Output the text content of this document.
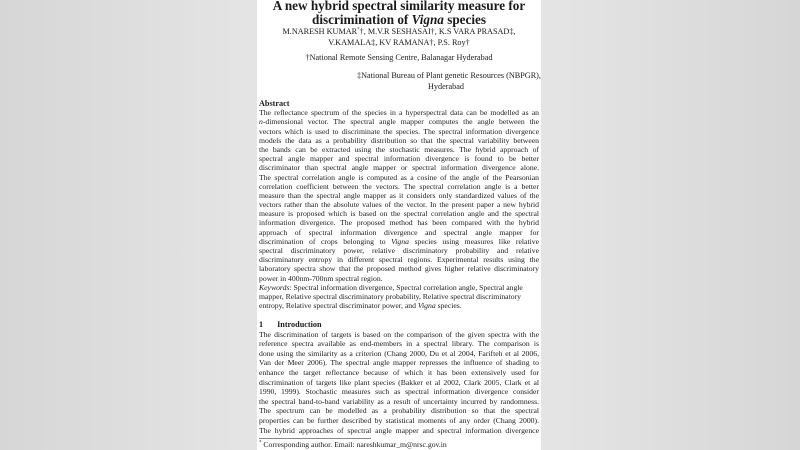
A new hybrid spectral similarity measure for
discrimination of Vigna species
M.NARESH KUMAR*†, M.V.R SESHASAI†, K.S VARA PRASAD‡,
V.KAMALA‡, KV RAMANA†, P.S. Roy†
†National Remote Sensing Centre, Balanagar Hyderabad
‡National Bureau of Plant genetic Resources (NBPGR),
Hyderabad
Abstract
The reflectance spectrum of the species in a hyperspectral data can be modelled as an
n-dimensional vector. The spectral angle mapper computes the angle between the
vectors which is used to discriminate the species. The spectral information divergence
models the data as a probability distribution so that the spectral variability between
the bands can be extracted using the stochastic measures. The hybrid approach of
spectral angle mapper and spectral information divergence is found to be better
discriminator than spectral angle mapper or spectral information divergence alone.
The spectral correlation angle is computed as a cosine of the angle of the Pearsonian
correlation coefficient between the vectors. The spectral correlation angle is a better
measure than the spectral angle mapper as it considers only standardized values of the
vectors rather than the absolute values of the vector. In the present paper a new hybrid
measure is proposed which is based on the spectral correlation angle and the spectral
information divergence. The proposed method has been compared with the hybrid
approach of spectral information divergence and spectral angle mapper for
discrimination of crops belonging to Vigna species using measures like relative
spectral discriminatory power, relative discriminatory probability and relative
discriminatory entropy in different spectral regions. Experimental results using the
laboratory spectra show that the proposed method gives higher relative discriminatory
power in 400nm-700nm spectral region.
Keywords: Spectral information divergence, Spectral correlation angle, Spectral angle
mapper, Relative spectral discriminatory probability, Relative spectral discriminatory
entropy, Relative spectral discriminator power, and Vigna species.
1 Introduction
The discrimination of targets is based on the comparison of the given spectra with the
reference spectra available as end-members in a spectral library. The comparison is
done using the similarity as a criterion (Chang 2000, Du et al 2004, Farifteh et al 2006,
Van der Meer 2006). The spectral angle mapper represses the influence of shading to
enhance the target reflectance because of which it has been extensively used for
discrimination of targets like plant species (Bakker et al 2002, Clark 2005, Clark et al
1990, 1999). Stochastic measures such as spectral information divergence consider
the spectral band-to-band variability as a result of uncertainty incurred by randomness.
The spectrum can be modelled as a probability distribution so that the spectral
properties can be further described by statistical moments of any order (Chang 2000).
The hybrid approaches of spectral angle mapper and spectral information divergence
* Corresponding author. Email: nareshkumar_m@nrsc.gov.in
